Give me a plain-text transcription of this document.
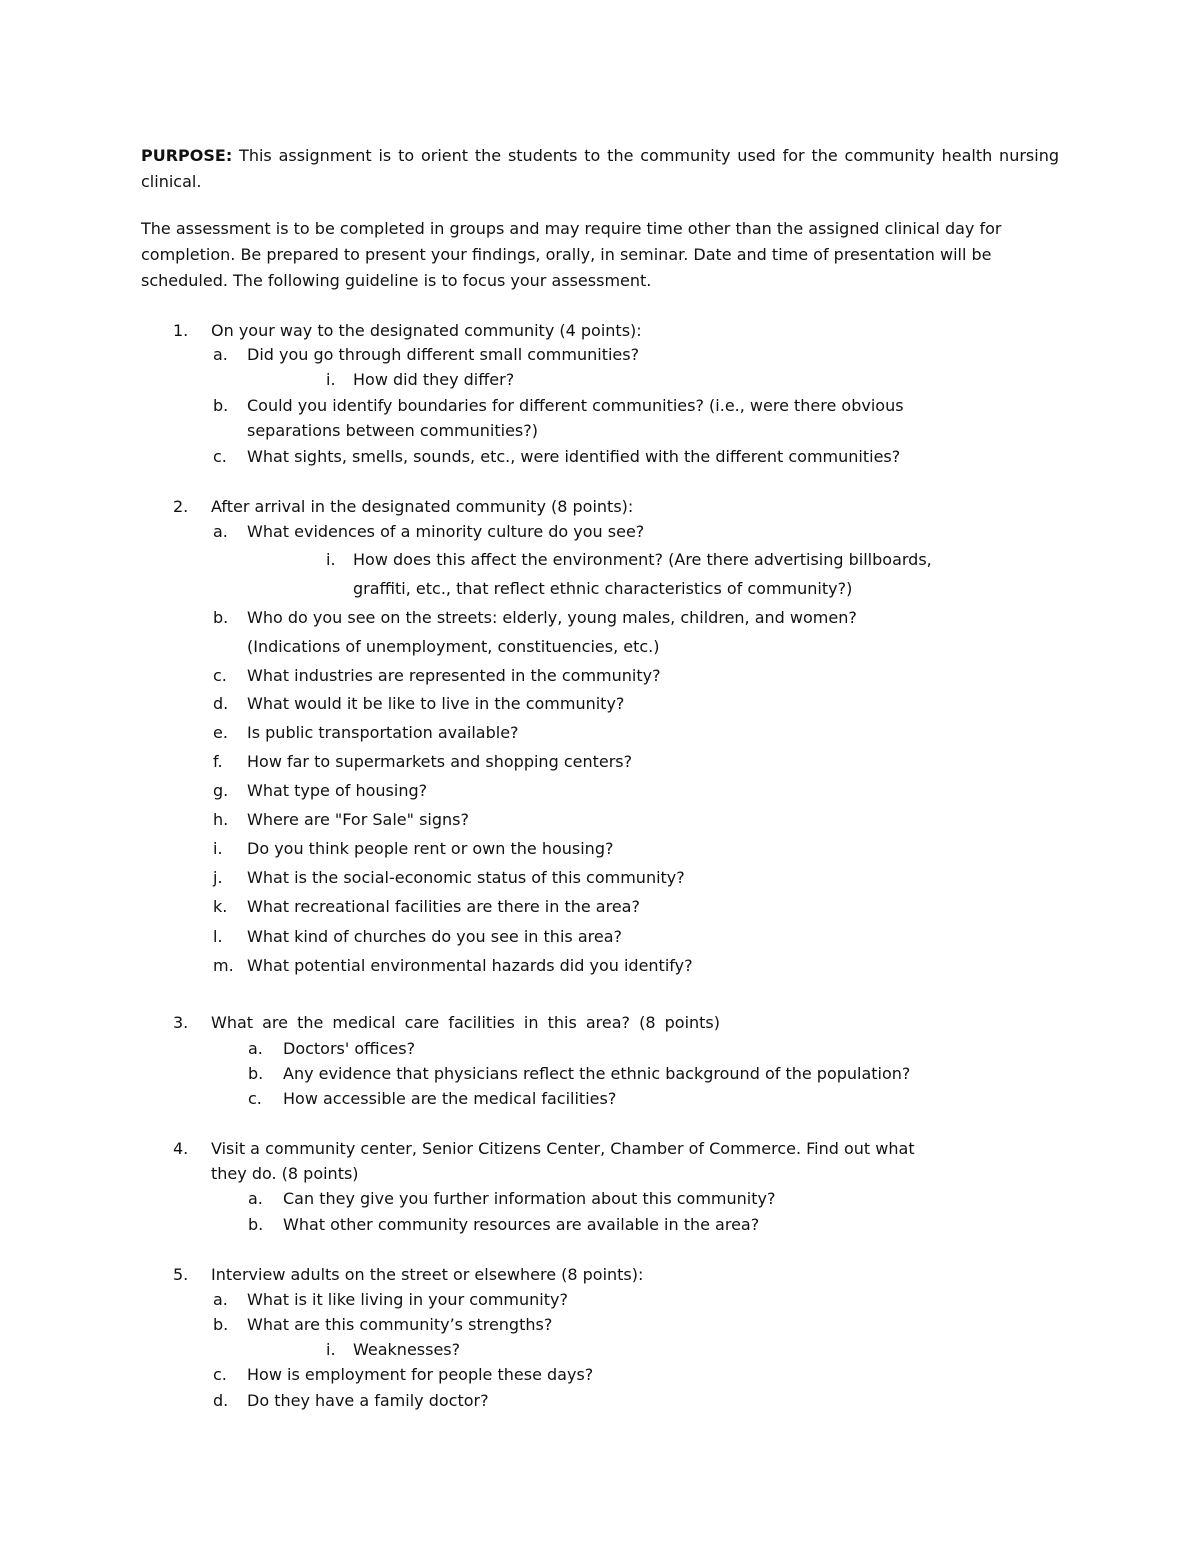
PURPOSE: This assignment is to orient the students to the community used for the community health nursing clinical.
The assessment is to be completed in groups and may require time other than the assigned clinical day for completion. Be prepared to present your findings, orally, in seminar. Date and time of presentation will be scheduled. The following guideline is to focus your assessment.
1.	On your way to the designated community (4 points):
a. Did you go through different small communities?
i. How did they differ?
b. Could you identify boundaries for different communities? (i.e., were there obvious
separations between communities?)
c. What sights, smells, sounds, etc., were identified with the different communities?
2.	After arrival in the designated community (8 points):
a. What evidences of a minority culture do you see?
i. How does this affect the environment? (Are there advertising billboards,
graffiti, etc., that reflect ethnic characteristics of community?)
b. Who do you see on the streets: elderly, young males, children, and women?
(Indications of unemployment, constituencies, etc.)
c. What industries are represented in the community?
d. What would it be like to live in the community?
e. Is public transportation available?
f. How far to supermarkets and shopping centers?
g. What type of housing?
h. Where are "For Sale" signs?
i. Do you think people rent or own the housing?
j. What is the social-economic status of this community?
k. What recreational facilities are there in the area?
l. What kind of churches do you see in this area?
m. What potential environmental hazards did you identify?
3.	What are the medical care facilities in this area? (8 points)
a. Doctors' offices?
b. Any evidence that physicians reflect the ethnic background of the population?
c. How accessible are the medical facilities?
4.	Visit a community center, Senior Citizens Center, Chamber of Commerce. Find out what
they do. (8 points)
a. Can they give you further information about this community?
b. What other community resources are available in the area?
5.	Interview adults on the street or elsewhere (8 points):
a. What is it like living in your community?
b. What are this community’s strengths?
i. Weaknesses?
c. How is employment for people these days?
d. Do they have a family doctor?
